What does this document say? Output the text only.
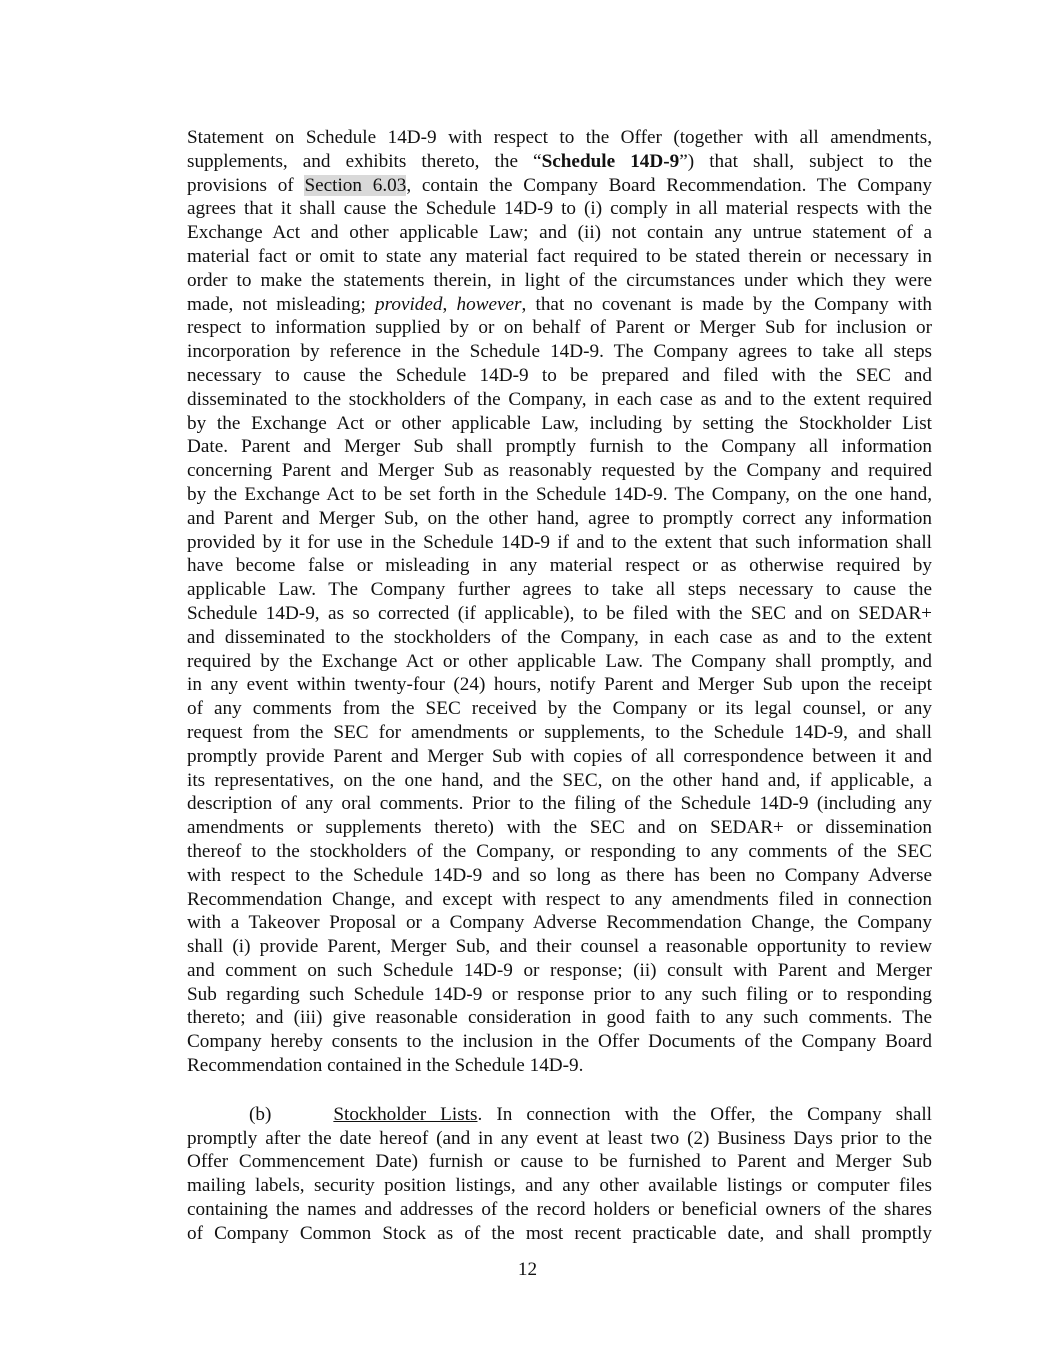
Statement on Schedule 14D-9 with respect to the Offer (together with all amendments,
supplements, and exhibits thereto, the “Schedule 14D-9”) that shall, subject to the
provisions of Section 6.03, contain the Company Board Recommendation. The Company
agrees that it shall cause the Schedule 14D-9 to (i) comply in all material respects with the
Exchange Act and other applicable Law; and (ii) not contain any untrue statement of a
material fact or omit to state any material fact required to be stated therein or necessary in
order to make the statements therein, in light of the circumstances under which they were
made, not misleading; provided, however, that no covenant is made by the Company with
respect to information supplied by or on behalf of Parent or Merger Sub for inclusion or
incorporation by reference in the Schedule 14D-9. The Company agrees to take all steps
necessary to cause the Schedule 14D-9 to be prepared and filed with the SEC and
disseminated to the stockholders of the Company, in each case as and to the extent required
by the Exchange Act or other applicable Law, including by setting the Stockholder List
Date. Parent and Merger Sub shall promptly furnish to the Company all information
concerning Parent and Merger Sub as reasonably requested by the Company and required
by the Exchange Act to be set forth in the Schedule 14D-9. The Company, on the one hand,
and Parent and Merger Sub, on the other hand, agree to promptly correct any information
provided by it for use in the Schedule 14D-9 if and to the extent that such information shall
have become false or misleading in any material respect or as otherwise required by
applicable Law. The Company further agrees to take all steps necessary to cause the
Schedule 14D-9, as so corrected (if applicable), to be filed with the SEC and on SEDAR+
and disseminated to the stockholders of the Company, in each case as and to the extent
required by the Exchange Act or other applicable Law. The Company shall promptly, and
in any event within twenty-four (24) hours, notify Parent and Merger Sub upon the receipt
of any comments from the SEC received by the Company or its legal counsel, or any
request from the SEC for amendments or supplements, to the Schedule 14D-9, and shall
promptly provide Parent and Merger Sub with copies of all correspondence between it and
its representatives, on the one hand, and the SEC, on the other hand and, if applicable, a
description of any oral comments. Prior to the filing of the Schedule 14D-9 (including any
amendments or supplements thereto) with the SEC and on SEDAR+ or dissemination
thereof to the stockholders of the Company, or responding to any comments of the SEC
with respect to the Schedule 14D-9 and so long as there has been no Company Adverse
Recommendation Change, and except with respect to any amendments filed in connection
with a Takeover Proposal or a Company Adverse Recommendation Change, the Company
shall (i) provide Parent, Merger Sub, and their counsel a reasonable opportunity to review
and comment on such Schedule 14D-9 or response; (ii) consult with Parent and Merger
Sub regarding such Schedule 14D-9 or response prior to any such filing or to responding
thereto; and (iii) give reasonable consideration in good faith to any such comments. The
Company hereby consents to the inclusion in the Offer Documents of the Company Board
Recommendation contained in the Schedule 14D-9.
(b)	Stockholder Lists. In connection with the Offer, the Company shall
promptly after the date hereof (and in any event at least two (2) Business Days prior to the
Offer Commencement Date) furnish or cause to be furnished to Parent and Merger Sub
mailing labels, security position listings, and any other available listings or computer files
containing the names and addresses of the record holders or beneficial owners of the shares
of Company Common Stock as of the most recent practicable date, and shall promptly
12
